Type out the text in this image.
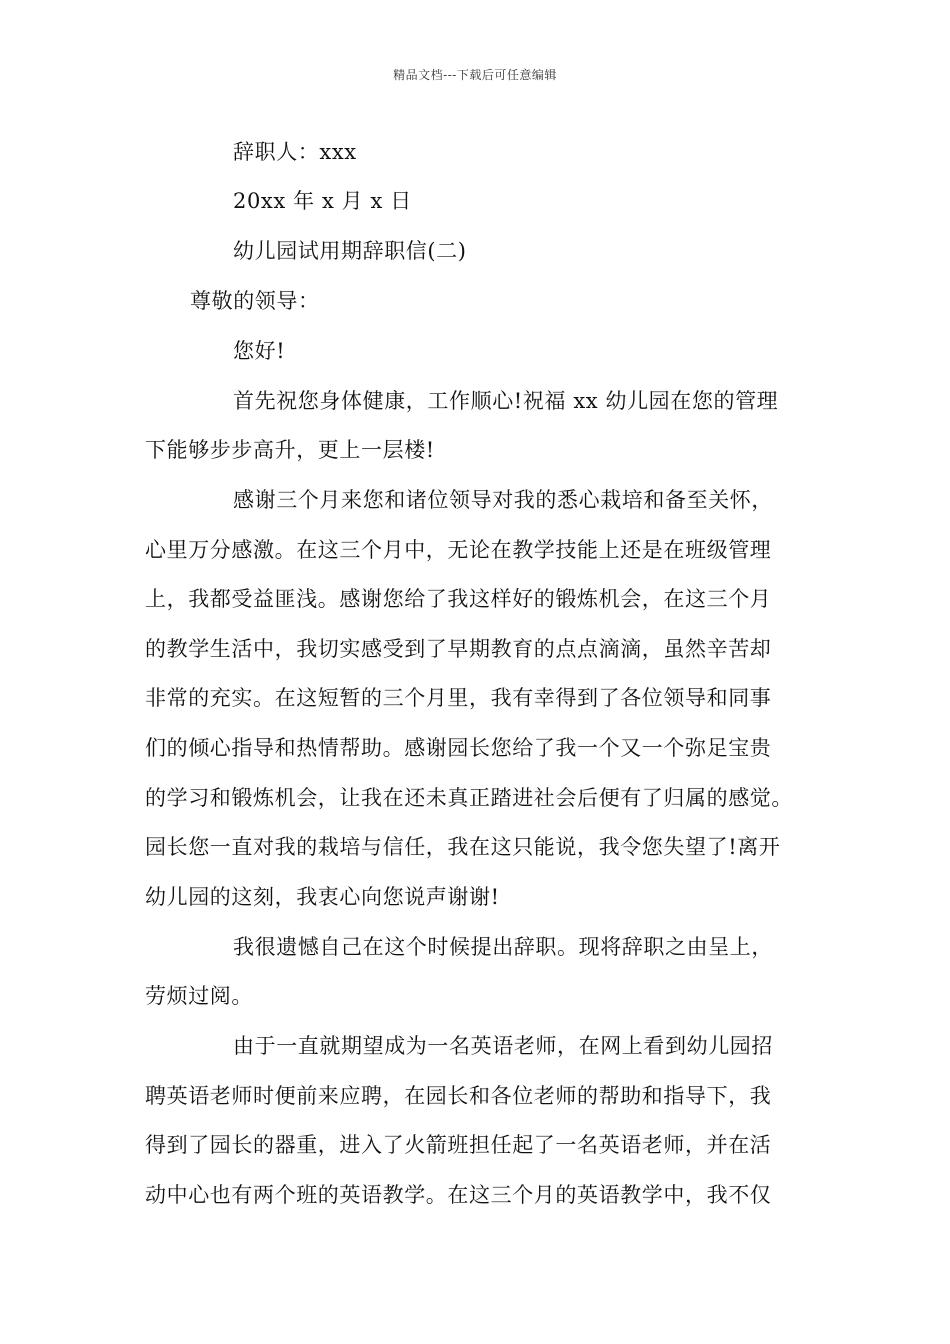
精品文档---下载后可任意编辑
辞职人：xxx
20xx 年 x 月 x 日
幼儿园试用期辞职信(二)
尊敬的领导：
您好!
首先祝您身体健康，工作顺心!祝福 xx 幼儿园在您的管理
下能够步步高升，更上一层楼!
感谢三个月来您和诸位领导对我的悉心栽培和备至关怀，
心里万分感激。在这三个月中，无论在教学技能上还是在班级管理
上，我都受益匪浅。感谢您给了我这样好的锻炼机会，在这三个月
的教学生活中，我切实感受到了早期教育的点点滴滴，虽然辛苦却
非常的充实。在这短暂的三个月里，我有幸得到了各位领导和同事
们的倾心指导和热情帮助。感谢园长您给了我一个又一个弥足宝贵
的学习和锻炼机会，让我在还未真正踏进社会后便有了归属的感觉。
园长您一直对我的栽培与信任，我在这只能说，我令您失望了!离开
幼儿园的这刻，我衷心向您说声谢谢!
我很遗憾自己在这个时候提出辞职。现将辞职之由呈上，
劳烦过阅。
由于一直就期望成为一名英语老师，在网上看到幼儿园招
聘英语老师时便前来应聘，在园长和各位老师的帮助和指导下，我
得到了园长的器重，进入了火箭班担任起了一名英语老师，并在活
动中心也有两个班的英语教学。在这三个月的英语教学中，我不仅
